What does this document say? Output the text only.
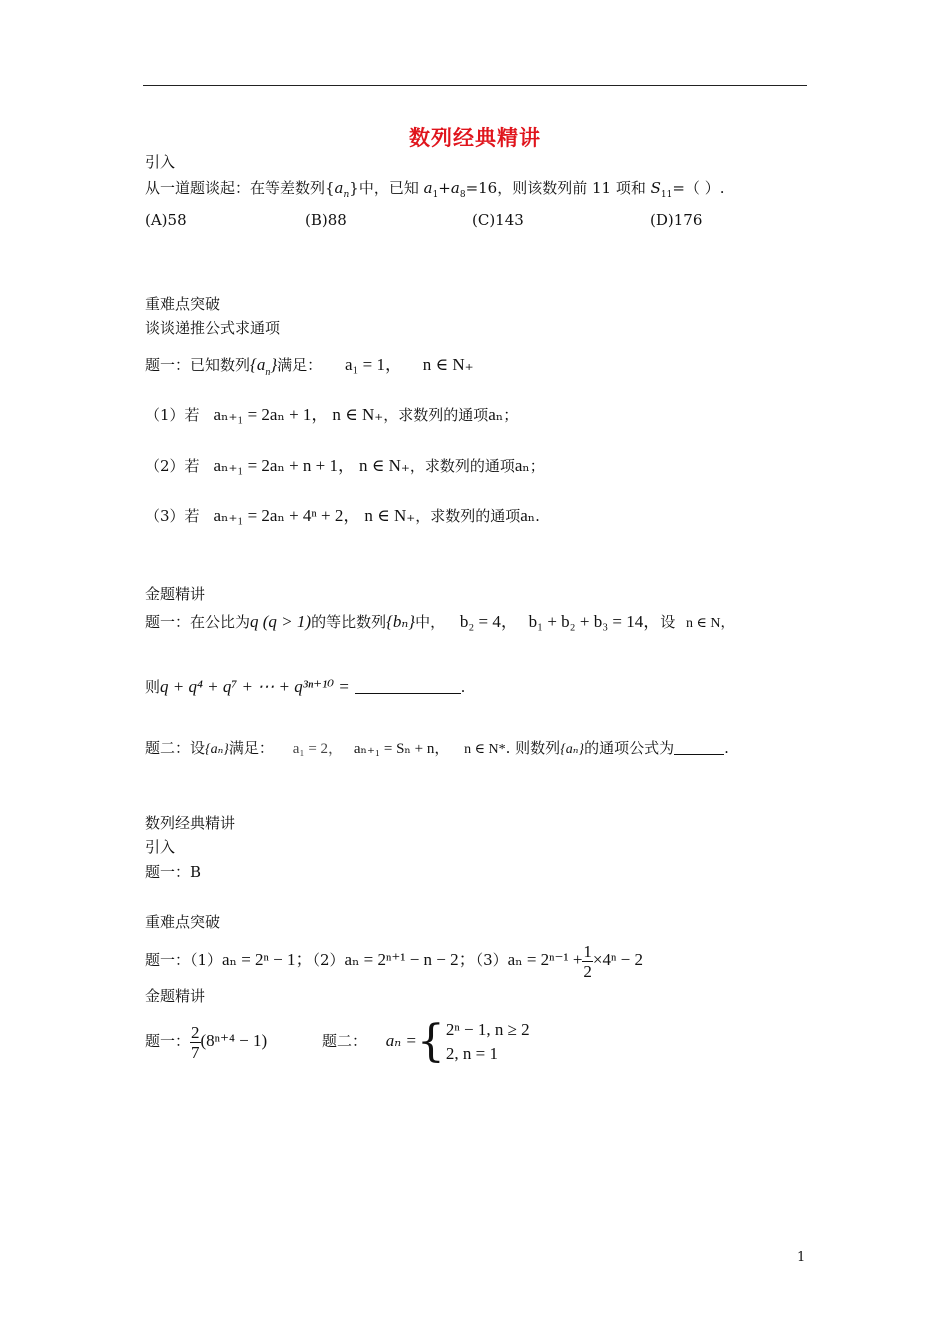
数列经典精讲
引入
从一道题谈起：在等差数列$\{a_n\}$中，已知 $a_1+a_8=16$，则该数列前 11 项和 $S_{11}=$（ ）.
(A)58	(B)88	(C)143	(D)176
重难点突破
谈谈递推公式求通项
题一：已知数列$\{a_n\}$满足： a₁ = 1， n ∈ N₊
（1）若 aₙ₊₁ = 2aₙ + 1， n ∈ N₊，求数列的通项aₙ；
（2）若 aₙ₊₁ = 2aₙ + n + 1， n ∈ N₊，求数列的通项aₙ；
（3）若 aₙ₊₁ = 2aₙ + 4ⁿ + 2， n ∈ N₊，求数列的通项aₙ.
金题精讲
题一：在公比为q (q > 1)的等比数列{bₙ}中， b₂ = 4， b₁ + b₂ + b₃ = 14，设 n ∈ N，
则q + q⁴ + q⁷ + ⋯ + q³ⁿ⁺¹⁰ =	.
题二：设{aₙ}满足： a₁ = 2， aₙ₊₁ = Sₙ + n， n ∈ N*. 则数列{aₙ}的通项公式为	.
数列经典精讲
引入
题一：B
重难点突破
题一：（1）aₙ = 2ⁿ − 1；（2）aₙ = 2ⁿ⁺¹ − n − 2；$(3)a_n = 2^{n-1} + \frac{1}{2} \times 4^n - 2$
金题精讲
题一： $\frac{2}{7} (8^{n+4} - 1)$	题二： aₙ ={ 2ⁿ − 1, n ≥ 2
2, n = 1
1
